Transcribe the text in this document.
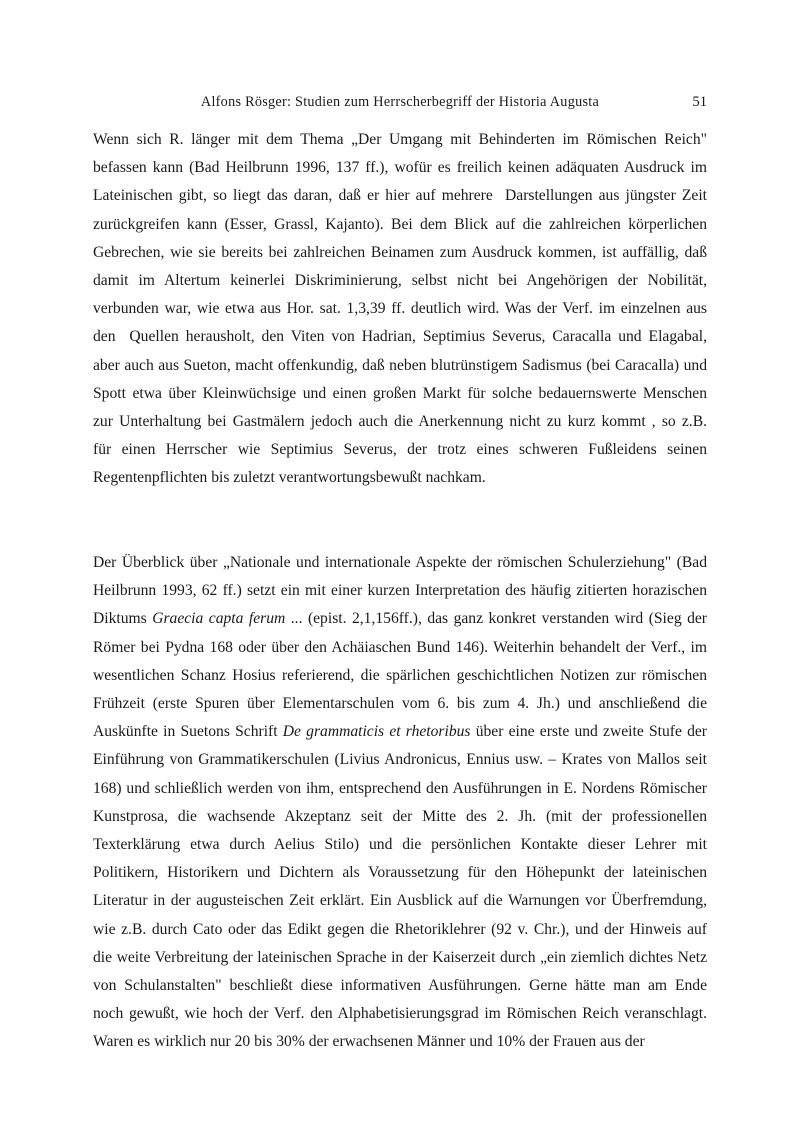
Alfons Rösger: Studien zum Herrscherbegriff der Historia Augusta	51

Wenn sich R. länger mit dem Thema „Der Umgang mit Behinderten im Römischen Reich"
befassen kann (Bad Heilbrunn 1996, 137 ff.), wofür es freilich keinen adäquaten Ausdruck im
Lateinischen gibt, so liegt das daran, daß er hier auf mehrere  Darstellungen aus jüngster Zeit
zurückgreifen kann (Esser, Grassl, Kajanto). Bei dem Blick auf die zahlreichen körperlichen
Gebrechen, wie sie bereits bei zahlreichen Beinamen zum Ausdruck kommen, ist auffällig, daß
damit im Altertum keinerlei Diskriminierung, selbst nicht bei Angehörigen der Nobilität,
verbunden war, wie etwa aus Hor. sat. 1,3,39 ff. deutlich wird. Was der Verf. im einzelnen aus
den  Quellen herausholt, den Viten von Hadrian, Septimius Severus, Caracalla und Elagabal,
aber auch aus Sueton, macht offenkundig, daß neben blutrünstigem Sadismus (bei Caracalla) und
Spott etwa über Kleinwüchsige und einen großen Markt für solche bedauernswerte Menschen
zur Unterhaltung bei Gastmälern jedoch auch die Anerkennung nicht zu kurz kommt , so z.B.
für einen Herrscher wie Septimius Severus, der trotz eines schweren Fußleidens seinen
Regentenpflichten bis zuletzt verantwortungsbewußt nachkam.

Der Überblick über „Nationale und internationale Aspekte der römischen Schulerziehung" (Bad
Heilbrunn 1993, 62 ff.) setzt ein mit einer kurzen Interpretation des häufig zitierten horazischen
Diktums Graecia capta ferum ... (epist. 2,1,156ff.), das ganz konkret verstanden wird (Sieg der
Römer bei Pydna 168 oder über den Achäiaschen Bund 146). Weiterhin behandelt der Verf., im
wesentlichen Schanz Hosius referierend, die spärlichen geschichtlichen Notizen zur römischen
Frühzeit (erste Spuren über Elementarschulen vom 6. bis zum 4. Jh.) und anschließend die
Auskünfte in Suetons Schrift De grammaticis et rhetoribus über eine erste und zweite Stufe der
Einführung von Grammatikerschulen (Livius Andronicus, Ennius usw. – Krates von Mallos seit
168) und schließlich werden von ihm, entsprechend den Ausführungen in E. Nordens Römischer
Kunstprosa, die wachsende Akzeptanz seit der Mitte des 2. Jh. (mit der professionellen
Texterklärung etwa durch Aelius Stilo) und die persönlichen Kontakte dieser Lehrer mit
Politikern, Historikern und Dichtern als Voraussetzung für den Höhepunkt der lateinischen
Literatur in der augusteischen Zeit erklärt. Ein Ausblick auf die Warnungen vor Überfremdung,
wie z.B. durch Cato oder das Edikt gegen die Rhetoriklehrer (92 v. Chr.), und der Hinweis auf
die weite Verbreitung der lateinischen Sprache in der Kaiserzeit durch „ein ziemlich dichtes Netz
von Schulanstalten" beschließt diese informativen Ausführungen. Gerne hätte man am Ende
noch gewußt, wie hoch der Verf. den Alphabetisierungsgrad im Römischen Reich veranschlagt.
Waren es wirklich nur 20 bis 30% der erwachsenen Männer und 10% der Frauen aus der
